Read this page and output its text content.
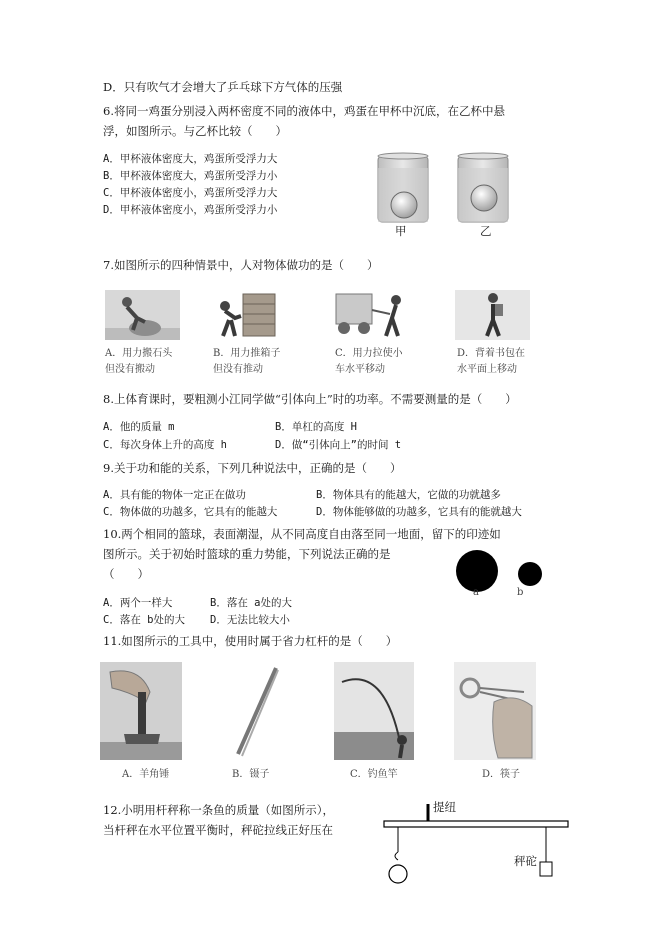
D．只有吹气才会增大了乒乓球下方气体的压强
6.将同一鸡蛋分别浸入两杯密度不同的液体中，鸡蛋在甲杯中沉底，在乙杯中悬
浮，如图所示。与乙杯比较（　　）
A．甲杯液体密度大，鸡蛋所受浮力大
B．甲杯液体密度大，鸡蛋所受浮力小
C．甲杯液体密度小，鸡蛋所受浮力大
D．甲杯液体密度小，鸡蛋所受浮力小
甲	乙
7.如图所示的四种情景中，人对物体做功的是（　　）
A．用力搬石头
但没有搬动
B．用力推箱子
但没有推动
C．用力拉使小
车水平移动
D．背着书包在
水平面上移动
8.上体育课时，要粗测小江同学做“引体向上”时的功率。不需要测量的是（　　）
A．他的质量 m	B．单杠的高度 H
C．每次身体上升的高度 h	D．做“引体向上”的时间 t
9.关于功和能的关系，下列几种说法中，正确的是（　　）
A．具有能的物体一定正在做功	B．物体具有的能越大，它做的功就越多
C．物体做的功越多，它具有的能越大	D．物体能够做的功越多，它具有的能就越大
10.两个相同的篮球，表面潮湿，从不同高度自由落至同一地面，留下的印迹如
图所示。关于初始时篮球的重力势能，下列说法正确的是
（　　）
A．两个一样大	B．落在 a处的大
C．落在 b处的大 D．无法比较大小
a	b
11.如图所示的工具中，使用时属于省力杠杆的是（　　）
A．羊角锤	B．镊子	C．钓鱼竿	D．筷子
12.小明用杆秤称一条鱼的质量（如图所示），
当杆秤在水平位置平衡时，秤砣拉线正好压在
提纽
秤砣
